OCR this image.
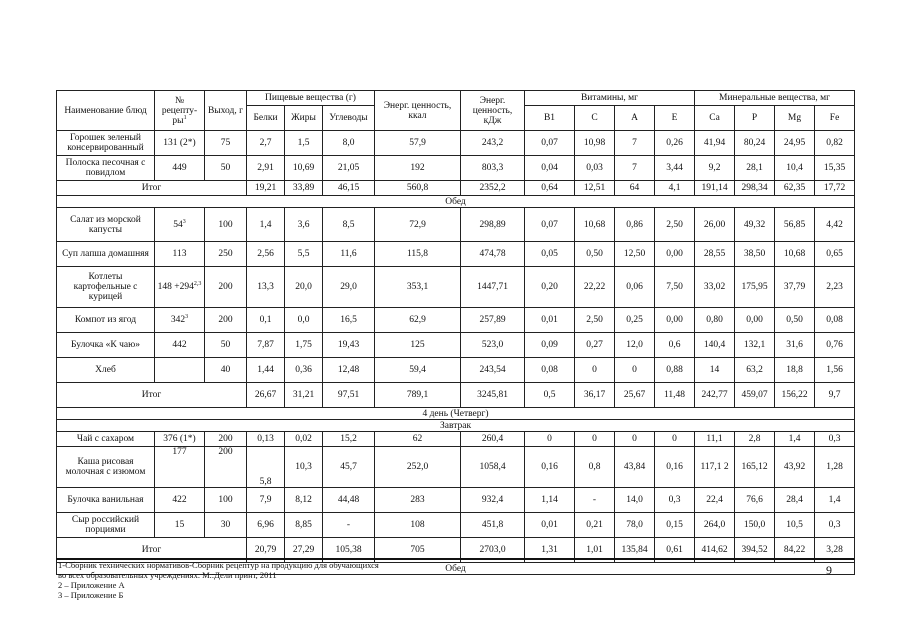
Наименование блюд	№ рецепту-$ры^1$	Выход, г	Пищевые вещества (г)			Энерг. ценность, ккал	Энерг. ценность, кДж	Витамины, мг				Минеральные вещества, мг			
			Белки	Жиры	Углеводы			B1	C	A	E	Ca	P	Mg	Fe
Горошек зеленый консервированный	131 (2*)	75	2,7	1,5	8,0	57,9	243,2	0,07	10,98	7	0,26	41,94	80,24	24,95	0,82
Полоска песочная с повидлом	449	50	2,91	10,69	21,05	192	803,3	0,04	0,03	7	3,44	9,2	28,1	10,4	15,35
Итог			19,21	33,89	46,15	560,8	2352,2	0,64	12,51	64	4,1	191,14	298,34	62,35	17,72
Обед															
Салат из морской капусты	$54^3$	100	1,4	3,6	8,5	72,9	298,89	0,07	10,68	0,86	2,50	26,00	49,32	56,85	4,42
Суп лапша домашняя	113	250	2,56	5,5	11,6	115,8	474,78	0,05	0,50	12,50	0,00	28,55	38,50	10,68	0,65
Котлеты картофельные с курицей	$148 +294^{2,3}$	200	13,3	20,0	29,0	353,1	1447,71	0,20	22,22	0,06	7,50	33,02	175,95	37,79	2,23
Компот из ягод	$342^3$	200	0,1	0,0	16,5	62,9	257,89	0,01	2,50	0,25	0,00	0,80	0,00	0,50	0,08
Булочка «К чаю»	442	50	7,87	1,75	19,43	125	523,0	0,09	0,27	12,0	0,6	140,4	132,1	31,6	0,76
Хлеб		40	1,44	0,36	12,48	59,4	243,54	0,08	0	0	0,88	14	63,2	18,8	1,56
Итог			26,67	31,21	97,51	789,1	3245,81	0,5	36,17	25,67	11,48	242,77	459,07	156,22	9,7
4 день (Четверг)															
Завтрак															
Чай с сахаром	376 (1*)	200	0,13	0,02	15,2	62	260,4	0	0	0	0	11,1	2,8	1,4	0,3
Каша рисовая молочная с изюмом	177	200	5,8	10,3	45,7	252,0	1058,4	0,16	0,8	43,84	0,16	117,1 2	165,12	43,92	1,28
Булочка ванильная	422	100	7,9	8,12	44,48	283	932,4	1,14	-	14,0	0,3	22,4	76,6	28,4	1,4
Сыр российский порциями	15	30	6,96	8,85	-	108	451,8	0,01	0,21	78,0	0,15	264,0	150,0	10,5	0,3
Итог			20,79	27,29	105,38	705	2703,0	1,31	1,01	135,84	0,61	414,62	394,52	84,22	3,28
Обед															
1-Сборник технических нормативов-Сборник рецептур на продукцию для обучающихся
во всех образовательных учреждениях. М.:Дели принт, 2011
2 – Приложение А
3 – Приложение Б
9
